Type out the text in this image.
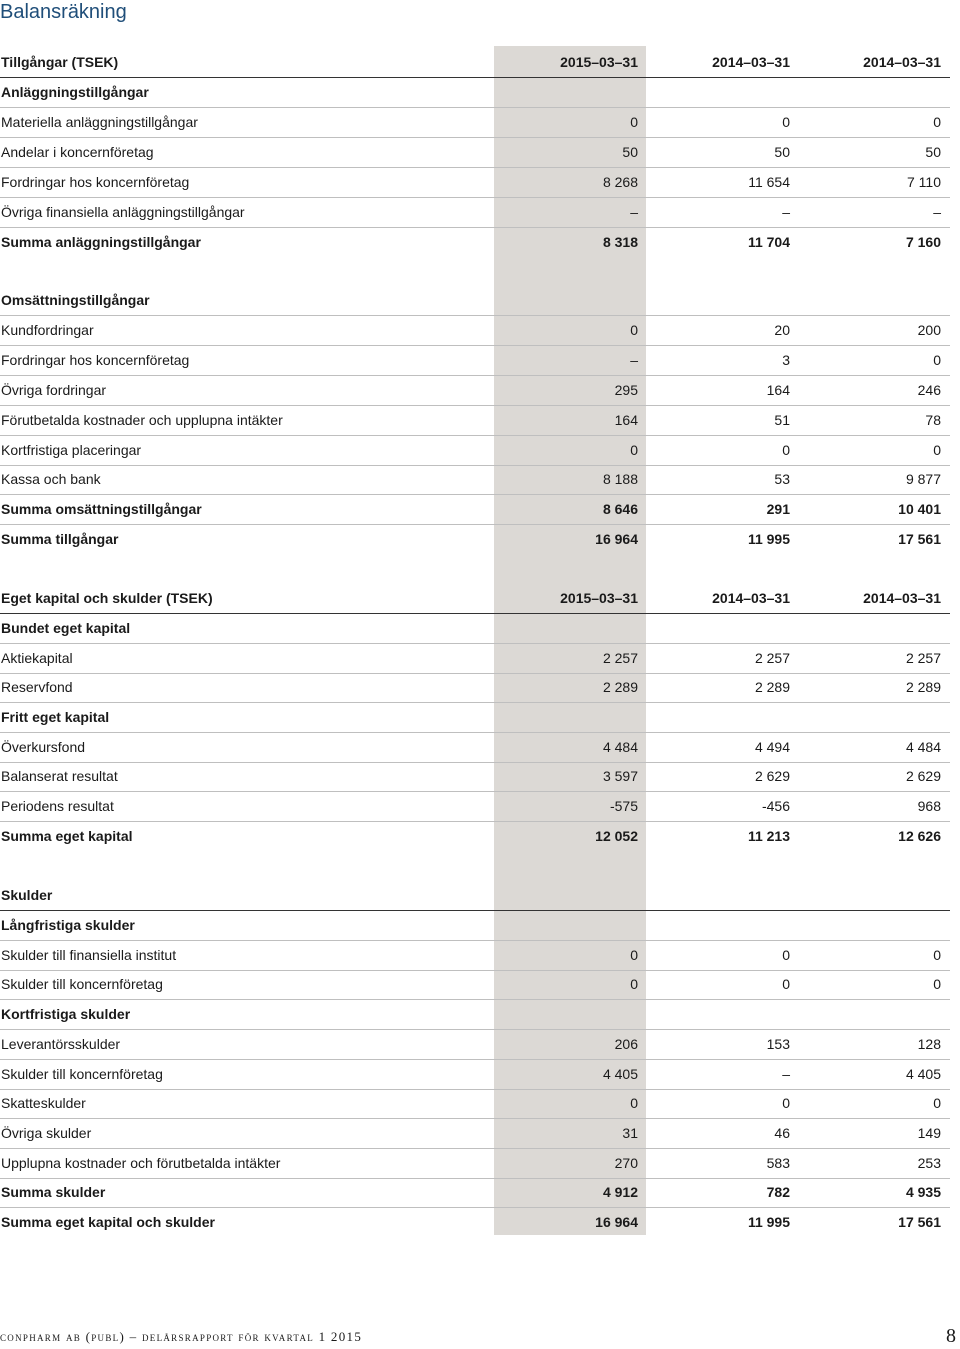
Balansräkning
Tillgångar (TSEK)	2015–03–31	2014–03–31	2014–03–31
Anläggningstillgångar
Materiella anläggningstillgångar	0	0	0
Andelar i koncernföretag	50	50	50
Fordringar hos koncernföretag	8 268	11 654	7 110
Övriga finansiella anläggningstillgångar	–	–	–
Summa anläggningstillgångar	8 318	11 704	7 160
Omsättningstillgångar
Kundfordringar	0	20	200
Fordringar hos koncernföretag	–	3	0
Övriga fordringar	295	164	246
Förutbetalda kostnader och upplupna intäkter	164	51	78
Kortfristiga placeringar	0	0	0
Kassa och bank	8 188	53	9 877
Summa omsättningstillgångar	8 646	291	10 401
Summa tillgångar	16 964	11 995	17 561
Eget kapital och skulder (TSEK)	2015–03–31	2014–03–31	2014–03–31
Bundet eget kapital
Aktiekapital	2 257	2 257	2 257
Reservfond	2 289	2 289	2 289
Fritt eget kapital
Överkursfond	4 484	4 494	4 484
Balanserat resultat	3 597	2 629	2 629
Periodens resultat	-575	-456	968
Summa eget kapital	12 052	11 213	12 626
Skulder
Långfristiga skulder
Skulder till finansiella institut	0	0	0
Skulder till koncernföretag	0	0	0
Kortfristiga skulder
Leverantörsskulder	206	153	128
Skulder till koncernföretag	4 405	–	4 405
Skatteskulder	0	0	0
Övriga skulder	31	46	149
Upplupna kostnader och förutbetalda intäkter	270	583	253
Summa skulder	4 912	782	4 935
Summa eget kapital och skulder	16 964	11 995	17 561
conpharm ab (publ) – delårsrapport för kvartal 1 2015	8
